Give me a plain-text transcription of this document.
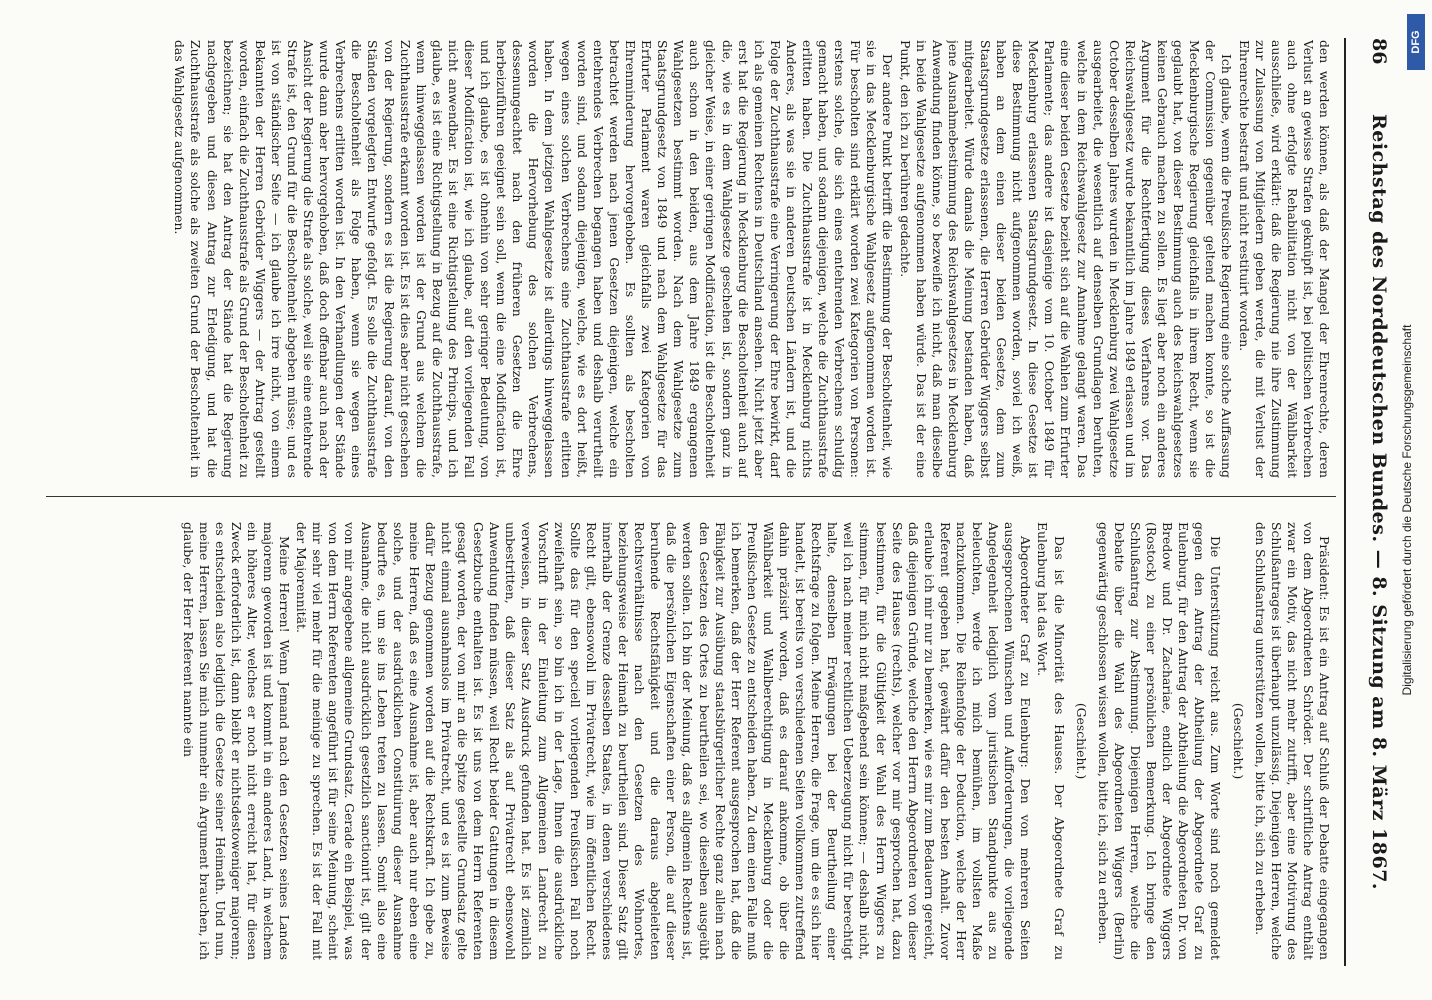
86
Reichstag des Norddeutschen Bundes. — 8. Sitzung am 8. März 1867.

den werden können, als daß der Mangel der Ehrenrechte, deren Verlust an gewisse Strafen geknüpft ist, bei politischen Verbrechen auch ohne erfolgte Rehabilitation nicht von der Wählbarkeit ausschließe, wird erklärt: daß die Regierung nie ihre Zustimmung zur Zulassung von Mitgliedern geben werde, die mit Verlust der Ehrenrechte bestraft und nicht restituirt worden.

Ich glaube, wenn die Preußische Regierung eine solche Auffassung der Commission gegenüber geltend machen konnte, so ist die Mecklenburgische Regierung gleichfalls in ihrem Recht, wenn sie geglaubt hat, von dieser Bestimmung auch des Reichswahlgesetzes keinen Gebrauch machen zu sollen. Es liegt aber noch ein anderes Argument für die Rechtfertigung dieses Verfahrens vor. Das Reichswahlgesetz wurde bekanntlich im Jahre 1849 erlassen und im October desselben Jahres wurden in Mecklenburg zwei Wahlgesetze ausgearbeitet, die wesentlich auf denselben Grundlagen beruhten, welche in dem Reichswahlgesetz zur Annahme gelangt waren. Das eine dieser beiden Gesetze bezieht sich auf die Wahlen zum Erfurter Parlamente; das andere ist dasjenige vom 10. October 1849 für Mecklenburg erlassenen Staatsgrundgesetz. In diese Gesetze ist diese Bestimmung nicht aufgenommen worden, soviel ich weiß, haben an dem einen dieser beiden Gesetze, dem zum Staatsgrundgesetze erlassenen, die Herren Gebrüder Wiggers selbst mitgearbeitet. Würde damals die Meinung bestanden haben, daß jene Ausnahmebestimmung des Reichswahlgesetzes in Mecklenburg Anwendung finden könne, so bezweifle ich nicht, daß man dieselbe in beide Wahlgesetze aufgenommen haben würde. Das ist der eine Punkt, den ich zu berühren gedachte.

Der andere Punkt betrifft die Bestimmung der Bescholtenheit, wie sie in das Mecklenburgische Wahlgesetz aufgenommen worden ist. Für bescholten sind erklärt worden zwei Kategorien von Personen: erstens solche, die sich eines entehrenden Verbrechens schuldig gemacht haben, und sodann diejenigen, welche die Zuchthausstrafe erlitten haben. Die Zuchthausstrafe ist in Mecklenburg nichts Anderes, als was sie in anderen Deutschen Ländern ist, und die Folge der Zuchthausstrafe eine Verringerung der Ehre bewirkt, darf ich als gemeinen Rechtens in Deutschland ansehen. Nicht jetzt aber erst hat die Regierung in Mecklenburg die Bescholtenheit auch auf die, wie es in dem Wahlgesetze geschehen ist, sondern ganz in gleicher Weise, in einer geringen Modification, ist die Bescholtenheit auch schon in den beiden, aus dem Jahre 1849 ergangenen Wahlgesetzen bestimmt worden. Nach dem Wahlgesetze zum Staatsgrundgesetz von 1849 und nach dem Wahlgesetze für das Erfurter Parlament waren gleichfalls zwei Kategorien von Ehrenminderung hervorgehoben. Es sollten als bescholten betrachtet werden nach jenen Gesetzen diejenigen, welche ein entehrendes Verbrechen begangen haben und deshalb verurtheilt worden sind, und sodann diejenigen, welche, wie es dort heißt, wegen eines solchen Verbrechens eine Zuchthausstrafe erlitten haben. In dem jetzigen Wahlgesetze ist allerdings hinweggelassen worden die Hervorhebung des solchen Verbrechens, dessenungeachtet nach den früheren Gesetzen die Ehre herbeizuführen geeignet sein soll, wenn die eine Modification ist, und ich glaube, es ist ohnehin von sehr geringer Bedeutung, von dieser Modification ist, wie ich glaube, auf den vorliegenden Fall nicht anwendbar. Es ist eine Richtigstellung des Princips, und ich glaube, es ist eine Richtigstellung in Bezug auf die Zuchthausstrafe, wenn hinweggelassen worden ist der Grund aus welchem die Zuchthausstrafe erkannt worden ist. Es ist dies aber nicht geschehen von der Regierung, sondern es ist die Regierung darauf, von den Ständen vorgelegten Entwurfe gefolgt. Es solle die Zuchthausstrafe die Bescholtenheit als Folge haben, wenn sie wegen eines Verbrechens erlitten worden ist. In den Verhandlungen der Stände wurde dann aber hervorgehoben, daß doch offenbar auch nach der Ansicht der Regierung die Strafe als solche, weil sie eine entehrende Strafe ist, den Grund für die Bescholtenheit abgeben müsse; und es ist von ständischer Seite — ich glaube ich irre nicht, von einem Bekannten der Herren Gebrüder Wiggers — der Antrag gestellt worden, einfach die Zuchthausstrafe als Grund der Bescholtenheit zu bezeichnen; sie hat den Antrag der Stände hat die Regierung nachgegeben und diesen Antrag zur Erledigung, und hat die Zuchthausstrafe als solche als zweiten Grund der Bescholtenheit in das Wahlgesetz aufgenommen.

Präsident: Es ist ein Antrag auf Schluß der Debatte eingegangen von dem Abgeordneten Schröder. Der schriftliche Antrag enthält zwar ein Motiv, das nicht mehr zutrifft, aber eine Motivirung des Schlußantrages ist überhaupt unzulässig. Diejenigen Herren, welche den Schlußantrag unterstützen wollen, bitte ich, sich zu erheben.

(Geschieht.)

Die Unterstützung reicht aus. Zum Worte sind noch gemeldet gegen den Antrag der Abtheilung der Abgeordnete Graf zu Eulenburg, für den Antrag der Abtheilung die Abgeordneten Dr. von Bredow und Dr. Zachariae, endlich der Abgeordnete Wiggers (Rostock) zu einer persönlichen Bemerkung. Ich bringe den Schlußantrag zur Abstimmung. Diejenigen Herren, welche die Debatte über die Wahl des Abgeordneten Wiggers (Berlin) gegenwärtig geschlossen wissen wollen, bitte ich, sich zu erheben.

(Geschieht.)

Das ist die Minorität des Hauses. Der Abgeordnete Graf zu Eulenburg hat das Wort.

Abgeordneter Graf zu Eulenburg: Den von mehreren Seiten ausgesprochenen Wünschen und Aufforderungen, die vorliegende Angelegenheit lediglich vom juristischen Standpunkte aus zu beleuchten, werde ich mich bemühen, im vollsten Maße nachzukommen. Die Reihenfolge der Deduction, welche der Herr Referent gegeben hat, gewährt dafür den besten Anhalt. Zuvor erlaube ich mir nur zu bemerken, wie es mir zum Bedauern gereicht, daß diejenigen Gründe, welche den Herrn Abgeordneten von dieser Seite des Hauses (rechts), welcher vor mir gesprochen hat, dazu bestimmen, für die Gültigkeit der Wahl des Herrn Wiggers zu stimmen, für mich nicht maßgebend sein können; — deshalb nicht, weil ich nach meiner rechtlichen Ueberzeugung nicht für berechtigt halte, denselben Erwägungen bei der Beurtheilung einer Rechtsfrage zu folgen. Meine Herren, die Frage, um die es sich hier handelt, ist bereits von verschiedenen Seiten vollkommen zutreffend dahin präzisirt worden, daß es darauf ankomme, ob über die Wählbarkeit und Wahlberechtigung in Mecklenburg oder die Preußischen Gesetze zu entscheiden haben. Zu dem einen Falle muß ich bemerken, daß der Herr Referent ausgesprochen hat, daß die Fähigkeit zur Ausübung staatsbürgerlicher Rechte ganz allein nach den Gesetzen des Ortes zu beurtheilen sei, wo dieselben ausgeübt werden sollen. Ich bin der Meinung, daß es allgemein Rechtens ist, daß die persönlichen Eigenschaften einer Person, die auf dieser beruhende Rechtsfähigkeit und die daraus abgeleiteten Rechtsverhältnisse nach den Gesetzen des Wohnortes, beziehungsweise der Heimath zu beurtheilen sind. Dieser Satz gilt innerhalb der Grenze desselben Staates, in denen verschiedenes Recht gilt, ebensowohl im Privatrecht, wie im öffentlichen Recht. Sollte das für den speciell vorliegenden Preußischen Fall noch zweifelhaft sein, so bin ich in der Lage, Ihnen die ausdrückliche Vorschrift in der Einleitung zum Allgemeinen Landrecht zu verweisen, in dieser Satz Ausdruck gefunden hat. Es ist ziemlich unbestritten, daß dieser Satz als auf Privatrecht ebensowohl Anwendung finden müssen, weil Recht beider Gattungen in diesem Gesetzbuche enthalten ist. Es ist uns von dem Herrn Referenten gesagt worden, der von mir an die Spitze gestellte Grundsatz gelte nicht einmal ausnahmslos im Privatrecht, und es ist zum Beweise dafür Bezug genommen worden auf die Rechtskraft. Ich gebe zu, meine Herren, daß es eine Ausnahme ist, aber auch nur eben eine solche, und der ausdrücklichen Constituirung dieser Ausnahme bedurfte es, um sie ins Leben treten zu lassen. Somit also eine Ausnahme, die nicht ausdrücklich gesetzlich sanctionirt ist, gilt der von mir angegebene allgemeine Grundsatz. Gerade ein Beispiel, was von dem Herrn Referenten angeführt ist für seine Meinung, scheint mir sehr viel mehr für die meinige zu sprechen. Es ist der Fall mit der Majorennität.

Meine Herren! Wenn Jemand nach den Gesetzen seines Landes majorenn geworden ist und kommt in ein anderes Land, in welchem ein höheres Alter, welches er noch nicht erreicht hat, für diesen Zweck erforderlich ist, dann bleibt er nichtsdestoweniger majorenn; es entscheiden also lediglich die Gesetze seiner Heimath. Und nun, meine Herren, lassen Sie mich nunmehr ein Argument brauchen, ich glaube, der Herr Referent nannte ein

DFG
Digitalisierung gefördert durch die Deutsche Forschungsgemeinschaft
